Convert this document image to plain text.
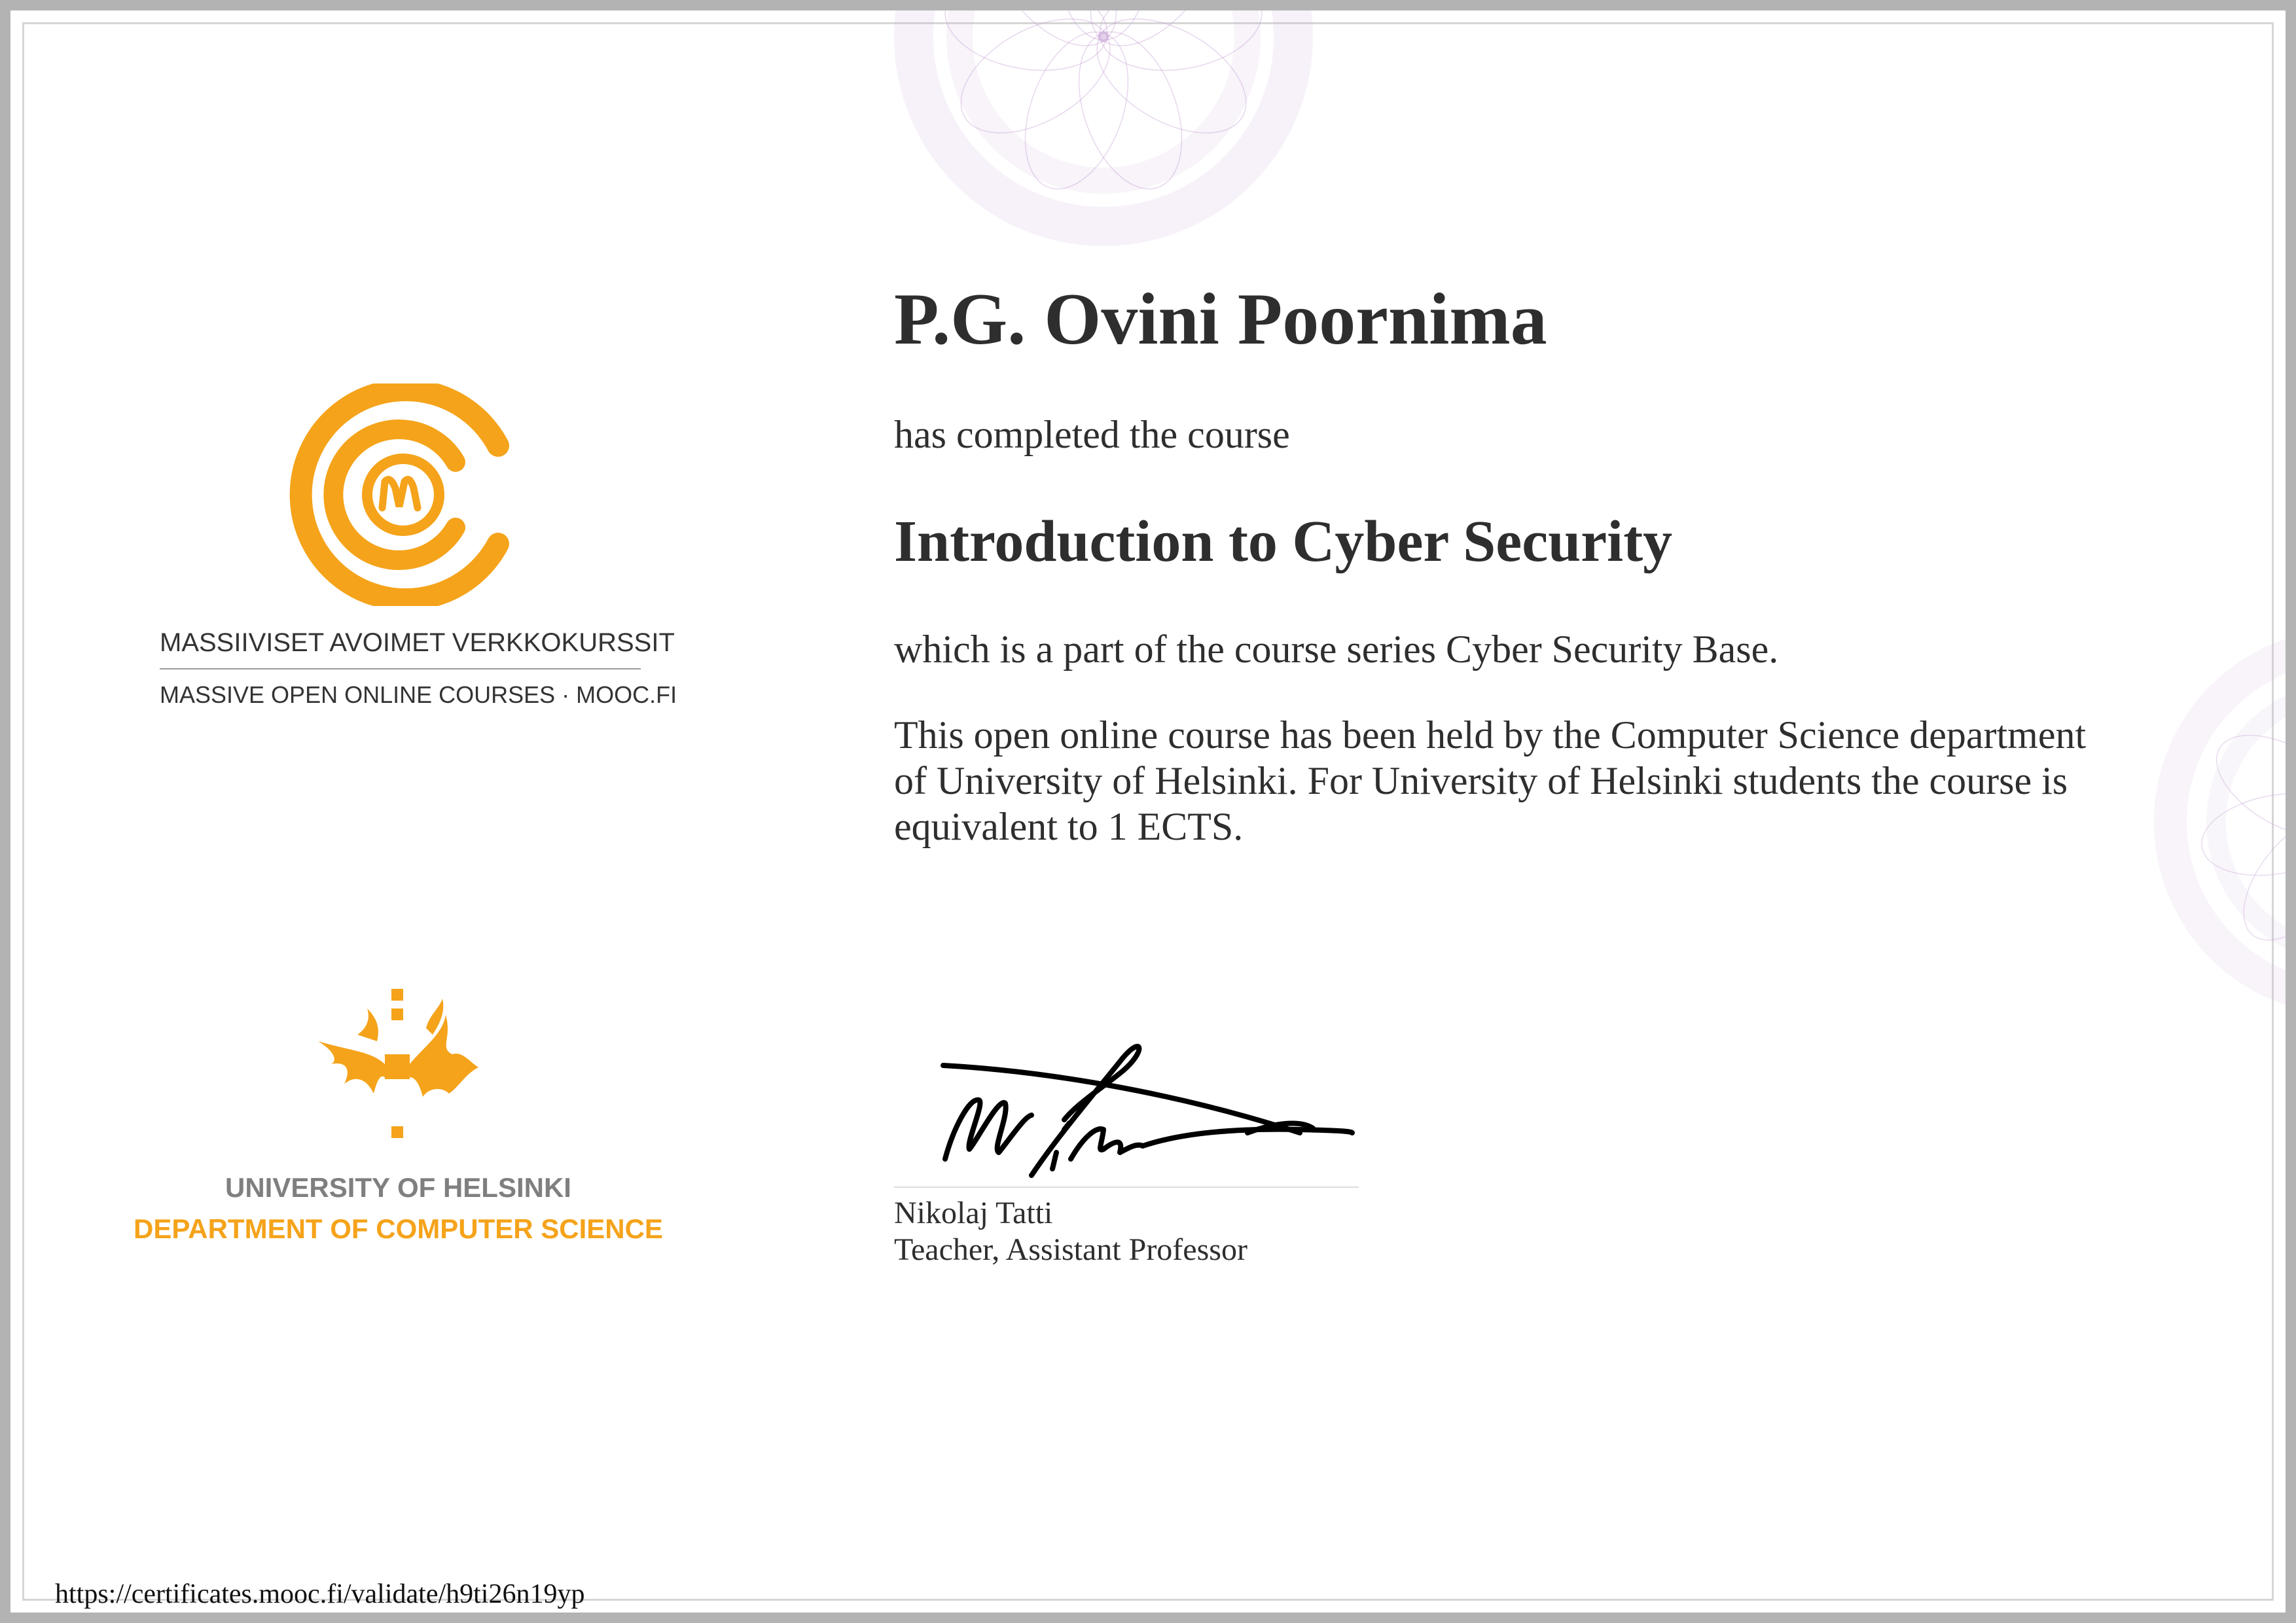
MASSIIVISET AVOIMET VERKKOKURSSIT
MASSIVE OPEN ONLINE COURSES · MOOC.FI
UNIVERSITY OF HELSINKI
DEPARTMENT OF COMPUTER SCIENCE
P.G. Ovini Poornima
has completed the course
Introduction to Cyber Security
which is a part of the course series Cyber Security Base.
This open online course has been held by the Computer Science department of University of Helsinki. For University of Helsinki students the course is equivalent to 1 ECTS.
Nikolaj Tatti
Teacher, Assistant Professor
https://certificates.mooc.fi/validate/h9ti26n19yp
